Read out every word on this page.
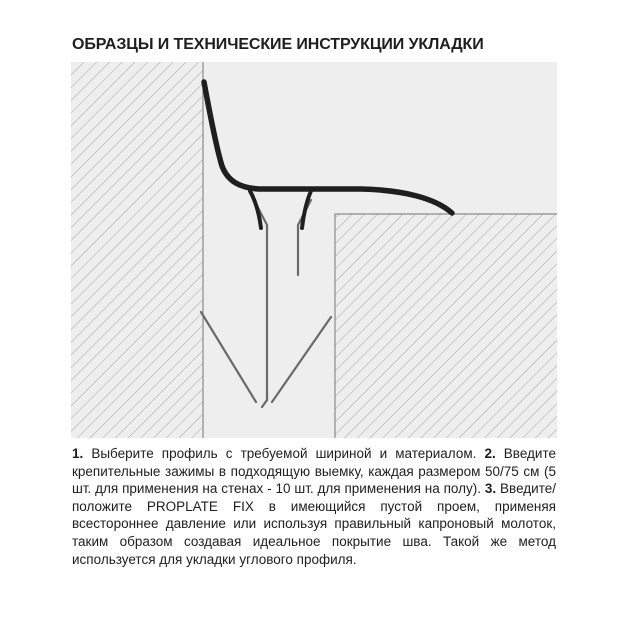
ОБРАЗЦЫ И ТЕХНИЧЕСКИЕ ИНСТРУКЦИИ УКЛАДКИ
1. Выберите профиль с требуемой шириной и материалом. 2. Введите крепительные зажимы в подходящую выемку, каждая размером 50/75 см (5 шт. для применения на стенах - 10 шт. для применения на полу). 3. Введите/положите PROPLATE FIX в имеющийся пустой проем, применяя всестороннее давление или используя правильный капроновый молоток, таким образом создавая идеальное покрытие шва. Такой же метод используется для укладки углового профиля.
